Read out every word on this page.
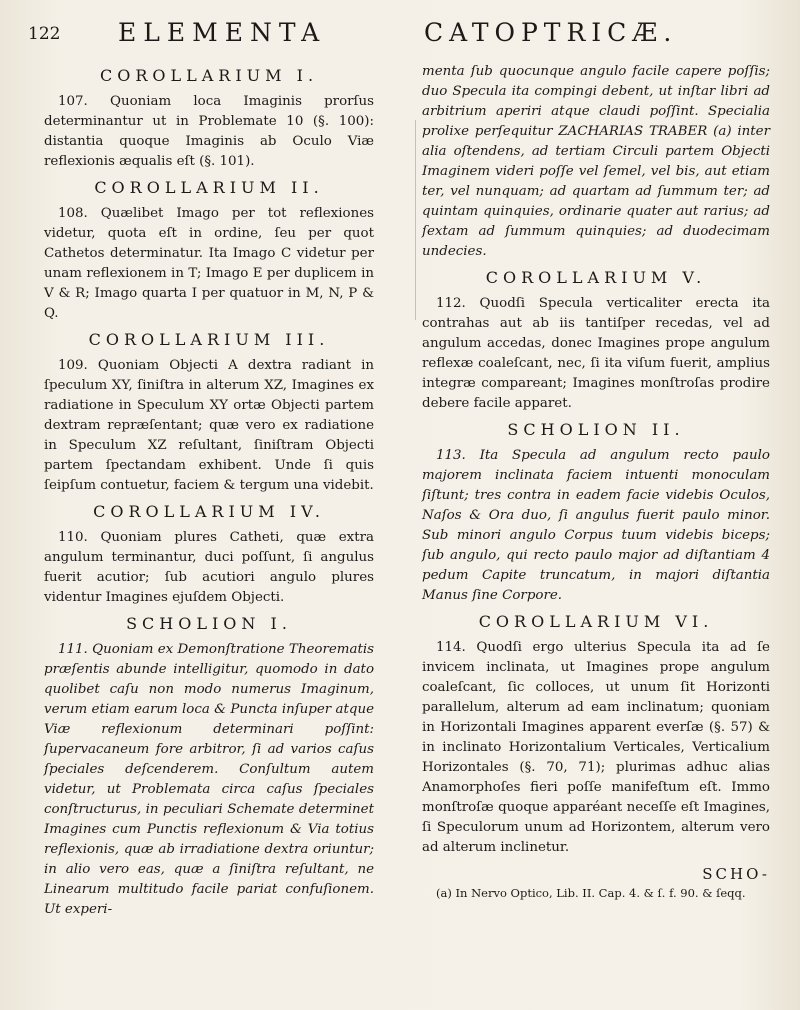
122 ELEMENTA	CATOPTRICÆ.
COROLLARIUM I.

107. Quoniam loca Imaginis prorſus determinantur ut in Problemate 10 (§. 100): distantia quoque Imaginis ab Oculo Viæ reflexionis æqualis eſt (§. 101).

COROLLARIUM II.

108. Quælibet Imago per tot reflexiones videtur, quota eſt in ordine, ſeu per quot Cathetos determinatur. Ita Imago C videtur per unam reflexionem in T; Imago E per duplicem in V & R; Imago quarta I per quatuor in M, N, P & Q.

COROLLARIUM III.

109. Quoniam Objecti A dextra radiant in ſpeculum XY, ſiniſtra in alterum XZ, Imagines ex radiatione in Speculum XY ortæ Objecti partem dextram repræſentant; quæ vero ex radiatione in Speculum XZ reſultant, ſiniſtram Objecti partem ſpectandam exhibent. Unde ſi quis ſeipſum contuetur, faciem & tergum una videbit.

COROLLARIUM IV.

110. Quoniam plures Catheti, quæ extra angulum terminantur, duci poſſunt, ſi angulus fuerit acutior; ſub acutiori angulo plures videntur Imagines ejuſdem Objecti.

SCHOLION I.

111. Quoniam ex Demonſtratione Theorematis præſentis abunde intelligitur, quomodo in dato quolibet caſu non modo numerus Imaginum, verum etiam earum loca & Puncta inſuper atque Viæ reflexionum determinari poſſint: ſupervacaneum fore arbitror, ſi ad varios caſus ſpeciales deſcenderem. Conſultum autem videtur, ut Problemata circa caſus ſpeciales conſtructurus, in peculiari Schemate determinet Imagines cum Punctis reflexionum & Via totius reflexionis, quæ ab irradiatione dextra oriuntur; in alio vero eas, quæ a ſiniſtra reſultant, ne Linearum multitudo facile pariat confuſionem. Ut experi-

menta ſub quocunque angulo facile capere poſſis; duo Specula ita compingi debent, ut inſtar libri ad arbitrium aperiri atque claudi poſſint. Specialia prolixe perſequitur ZACHARIAS TRABER (a) inter alia oſtendens, ad tertiam Circuli partem Objecti Imaginem videri poſſe vel ſemel, vel bis, aut etiam ter, vel nunquam; ad quartam ad ſummum ter; ad quintam quinquies, ordinarie quater aut rarius; ad ſextam ad ſummum quinquies; ad duodecimam undecies.

COROLLARIUM V.

112. Quodſi Specula verticaliter erecta ita contrahas aut ab iis tantiſper recedas, vel ad angulum accedas, donec Imagines prope angulum reflexæ coaleſcant, nec, ſi ita viſum fuerit, amplius integræ compareant; Imagines monſtroſas prodire debere facile apparet.

SCHOLION II.

113. Ita Specula ad angulum recto paulo majorem inclinata faciem intuenti monoculam ſiſtunt; tres contra in eadem facie videbis Oculos, Naſos & Ora duo, ſi angulus fuerit paulo minor. Sub minori angulo Corpus tuum videbis biceps; ſub angulo, qui recto paulo major ad diſtantiam 4 pedum Capite truncatum, in majori diſtantia Manus ſine Corpore.

COROLLARIUM VI.

114. Quodſi ergo ulterius Specula ita ad ſe invicem inclinata, ut Imagines prope angulum coaleſcant, ſic colloces, ut unum ſit Horizonti parallelum, alterum ad eam inclinatum; quoniam in Horizontali Imagines apparent everſæ (§. 57) & in inclinato Horizontalium Verticales, Verticalium Horizontales (§. 70, 71); plurimas adhuc alias Anamorphoſes fieri poſſe manifeſtum eſt. Immo monſtroſæ quoque apparéant neceſſe eſt Imagines, ſi Speculorum unum ad Horizontem, alterum vero ad alterum inclinetur.

SCHO-

(a) In Nervo Optico, Lib. II. Cap. 4. & ſ. f. 90. & ſeqq.
